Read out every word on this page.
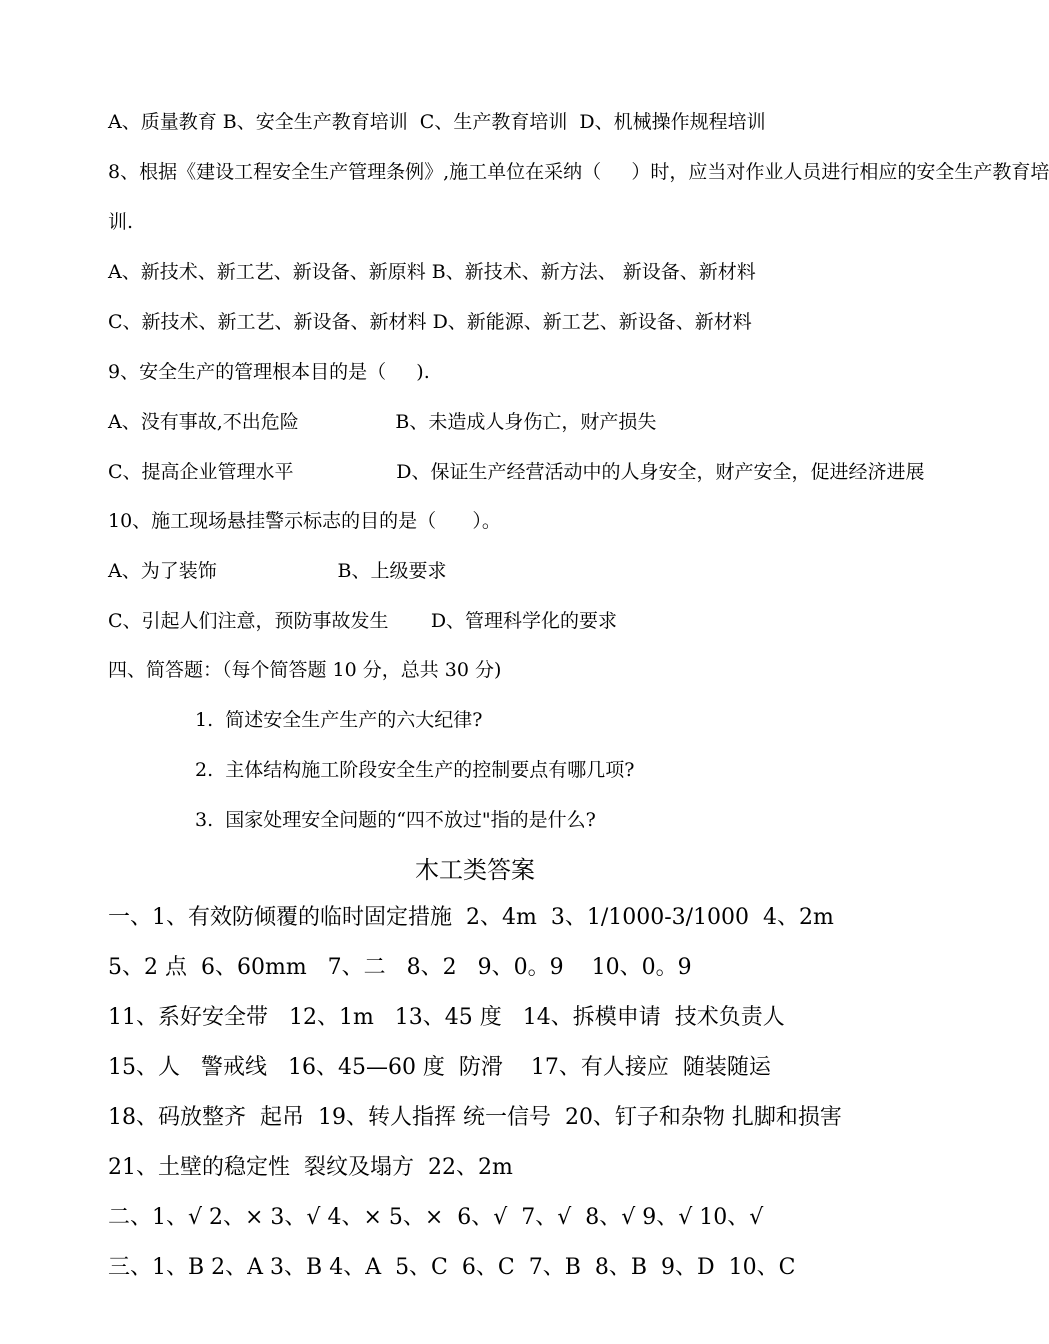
A、质量教育 B、安全生产教育培训  C、生产教育培训  D、机械操作规程培训
8、根据《建设工程安全生产管理条例》,施工单位在采纳（     ）时，应当对作业人员进行相应的安全生产教育培
训.
A、新技术、新工艺、新设备、新原料 B、新技术、新方法、 新设备、新材料
C、新技术、新工艺、新设备、新材料 D、新能源、新工艺、新设备、新材料
9、安全生产的管理根本目的是（     ).
A、没有事故,不出危险                B、未造成人身伤亡，财产损失
C、提高企业管理水平                 D、保证生产经营活动中的人身安全，财产安全，促进经济进展
10、施工现场悬挂警示标志的目的是（      ）。
A、为了装饰                    B、上级要求
C、引起人们注意，预防事故发生       D、管理科学化的要求
四、简答题：（每个简答题 10 分，总共 30 分)
1.  简述安全生产生产的六大纪律?
2.  主体结构施工阶段安全生产的控制要点有哪几项?
3.  国家处理安全问题的“四不放过"指的是什么?
木工类答案
一、1、有效防倾覆的临时固定措施  2、4m  3、1/1000-3/1000  4、2m
5、2 点  6、60mm   7、二   8、2   9、0。9    10、0。9
11、系好安全带   12、1m   13、45 度   14、拆模申请  技术负责人
15、人   警戒线   16、45—60 度  防滑    17、有人接应  随装随运
18、码放整齐  起吊  19、转人指挥 统一信号  20、钉子和杂物 扎脚和损害
21、土壁的稳定性  裂纹及塌方  22、2m
二、1、√ 2、× 3、√ 4、× 5、×  6、√  7、√  8、√ 9、√ 10、√
三、1、B 2、A 3、B 4、A  5、C  6、C  7、B  8、B  9、D  10、C
